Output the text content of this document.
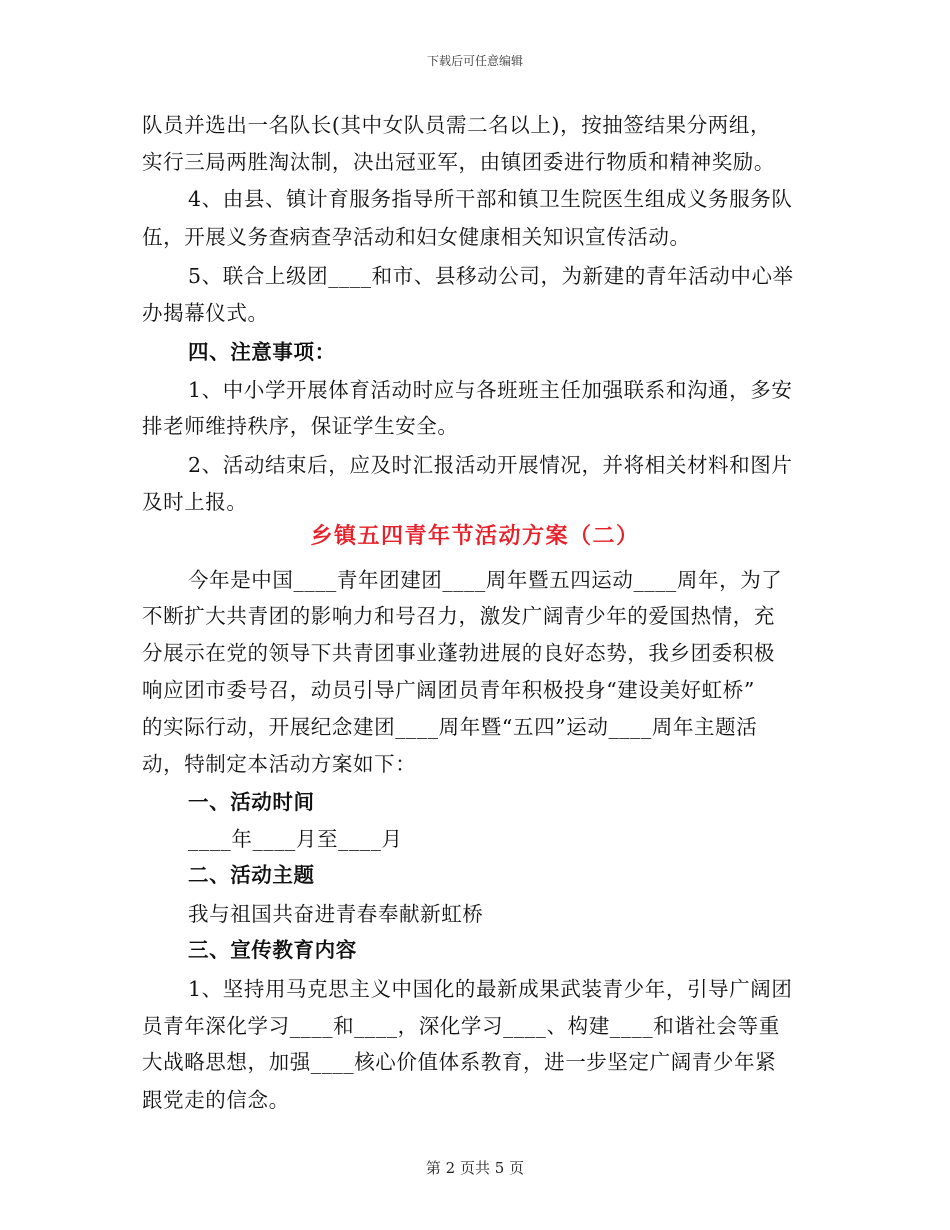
下载后可任意编辑
队员并选出一名队长(其中女队员需二名以上)，按抽签结果分两组，
实行三局两胜淘汰制，决出冠亚军，由镇团委进行物质和精神奖励。
4、由县、镇计育服务指导所干部和镇卫生院医生组成义务服务队
伍，开展义务查病查孕活动和妇女健康相关知识宣传活动。
5、联合上级团____和市、县移动公司，为新建的青年活动中心举
办揭幕仪式。
四、注意事项：
1、中小学开展体育活动时应与各班班主任加强联系和沟通，多安
排老师维持秩序，保证学生安全。
2、活动结束后，应及时汇报活动开展情况，并将相关材料和图片
及时上报。
乡镇五四青年节活动方案（二）
今年是中国____青年团建团____周年暨五四运动____周年，为了
不断扩大共青团的影响力和号召力，激发广阔青少年的爱国热情，充
分展示在党的领导下共青团事业蓬勃进展的良好态势，我乡团委积极
响应团市委号召，动员引导广阔团员青年积极投身“建设美好虹桥”
的实际行动，开展纪念建团____周年暨“五四”运动____周年主题活
动，特制定本活动方案如下：
一、活动时间
____年____月至____月
二、活动主题
我与祖国共奋进青春奉献新虹桥
三、宣传教育内容
1、坚持用马克思主义中国化的最新成果武装青少年，引导广阔团
员青年深化学习____和____，深化学习____、构建____和谐社会等重
大战略思想，加强____核心价值体系教育，进一步坚定广阔青少年紧
跟党走的信念。
第 2 页共 5 页
